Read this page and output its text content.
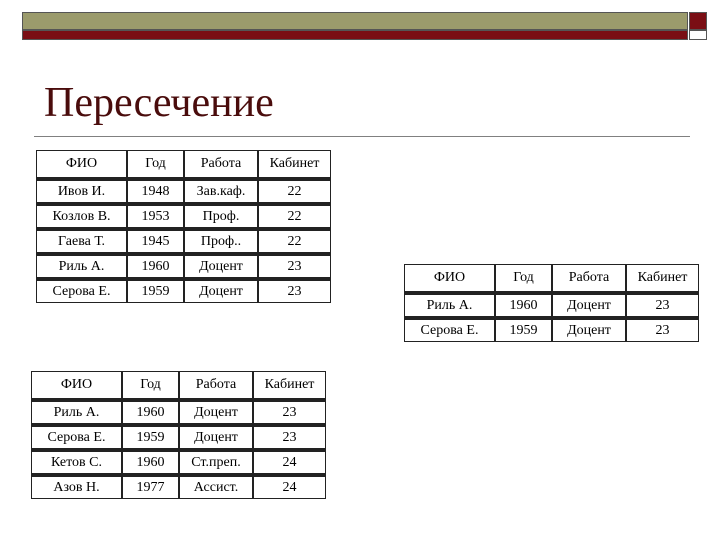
Пересечение
ФИО	Год	Работа	Кабинет
Ивов И.	1948	Зав.каф.	22
Козлов В.	1953	Проф.	22
Гаева Т.	1945	Проф..	22
Риль А.	1960	Доцент	23
Серова Е.	1959	Доцент	23
ФИО	Год	Работа	Кабинет
Риль А.	1960	Доцент	23
Серова Е.	1959	Доцент	23
ФИО	Год	Работа	Кабинет
Риль А.	1960	Доцент	23
Серова Е.	1959	Доцент	23
Кетов С.	1960	Ст.преп.	24
Азов Н.	1977	Ассист.	24
